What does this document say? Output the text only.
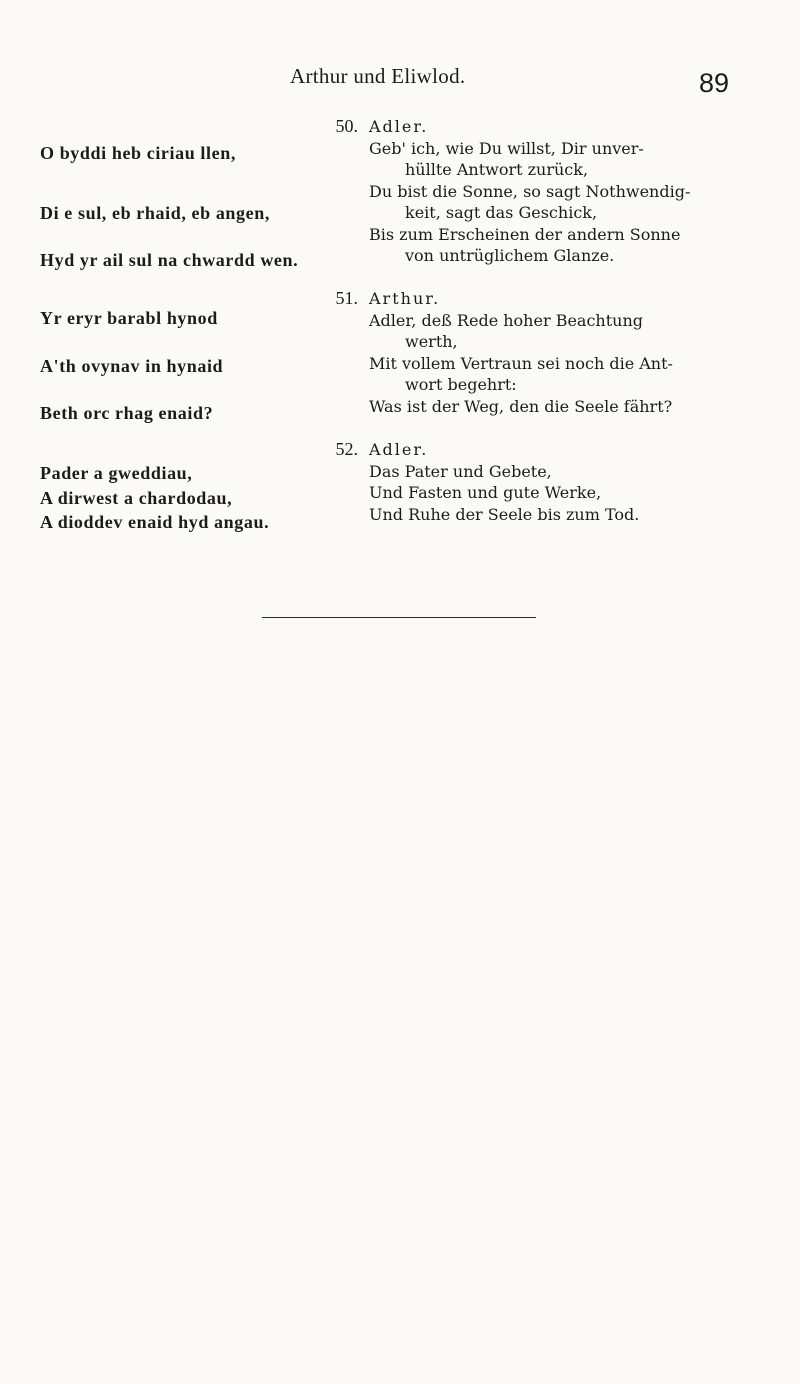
Arthur und Eliwlod.	89
50.
O byddi heb ciriau llen,
Di e sul, eb rhaid, eb angen,
Hyd yr ail sul na chwardd wen.
Adler.
Geb' ich, wie Du willst, Dir unver-
hüllte Antwort zurück,
Du bist die Sonne, so sagt Nothwendig-
keit, sagt das Geschick,
Bis zum Erscheinen der andern Sonne
von untrüglichem Glanze.
51.
Yr eryr barabl hynod
A'th ovynav in hynaid
Beth orc rhag enaid?
Arthur.
Adler, deß Rede hoher Beachtung
werth,
Mit vollem Vertraun sei noch die Ant-
wort begehrt:
Was ist der Weg, den die Seele fährt?
52.
Pader a gweddiau,
A dirwest a chardodau,
A dioddev enaid hyd angau.
Adler.
Das Pater und Gebete,
Und Fasten und gute Werke,
Und Ruhe der Seele bis zum Tod.
